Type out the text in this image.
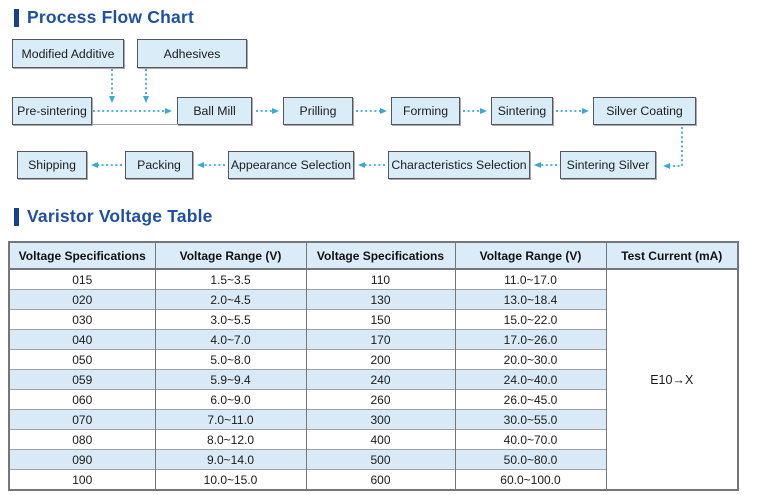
Process Flow Chart
Modified Additive	Adhesives
Pre-sintering	Ball Mill	Prilling	Forming	Sintering	Silver Coating
Shipping	Packing	Appearance Selection	Characteristics Selection	Sintering Silver
Varistor Voltage Table
Voltage Specifications	Voltage Range (V)	Voltage Specifications	Voltage Range (V)	Test Current (mA)
015	1.5~3.5	110	11.0~17.0	E10→X
020	2.0~4.5	130	13.0~18.4	
030	3.0~5.5	150	15.0~22.0	
040	4.0~7.0	170	17.0~26.0	
050	5.0~8.0	200	20.0~30.0	
059	5.9~9.4	240	24.0~40.0	
060	6.0~9.0	260	26.0~45.0	
070	7.0~11.0	300	30.0~55.0	
080	8.0~12.0	400	40.0~70.0	
090	9.0~14.0	500	50.0~80.0	
100	10.0~15.0	600	60.0~100.0	
